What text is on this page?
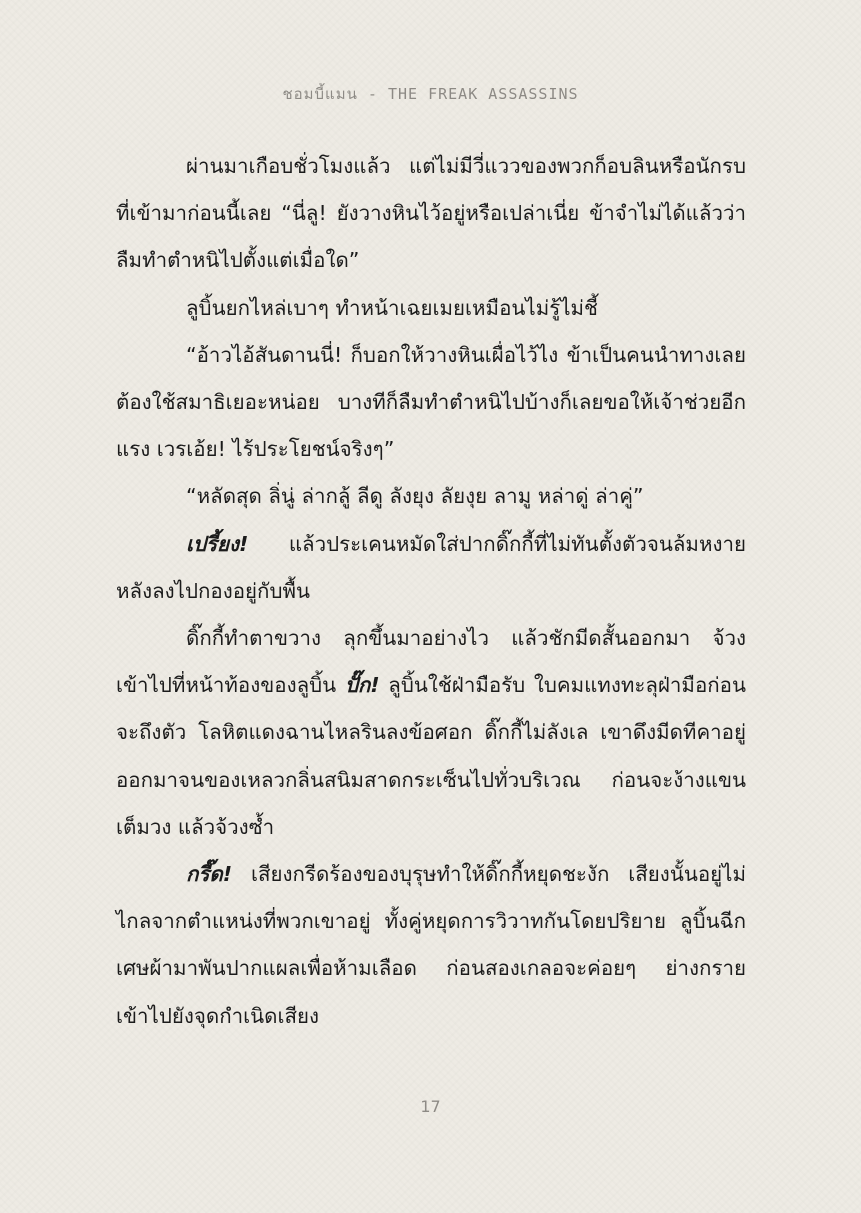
ชอมบี้แมน - THE FREAK ASSASSINS

ผ่านมาเกือบชั่วโมงแล้ว แต่ไม่มีวี่แววของพวกก็อบลินหรือนักรบที่เข้ามาก่อนนี้เลย “นี่ลู! ยังวางหินไว้อยู่หรือเปล่าเนี่ย ข้าจำไม่ได้แล้วว่าลืมทำตำหนิไปตั้งแต่เมื่อใด”

ลูบิ้นยกไหล่เบาๆ ทำหน้าเฉยเมยเหมือนไม่รู้ไม่ชี้

“อ้าวไอ้สันดานนี่! ก็บอกให้วางหินเผื่อไว้ไง ข้าเป็นคนนำทางเลยต้องใช้สมาธิเยอะหน่อย บางทีก็ลืมทำตำหนิไปบ้างก็เลยขอให้เจ้าช่วยอีกแรง เวรเอ้ย! ไร้ประโยชน์จริงๆ”

“หลัดสุด ลิ่นู่ ล่ากลู้ ลีดู ลังยุง ลัยงุย ลามู หล่าดู่ ล่าคู่”

เปรี้ยง! แล้วประเคนหมัดใส่ปากดิ๊กกี้ที่ไม่ทันตั้งตัวจนล้มหงายหลังลงไปกองอยู่กับพื้น

ดิ๊กกี้ทำตาขวาง ลุกขึ้นมาอย่างไว แล้วชักมีดสั้นออกมา จ้วงเข้าไปที่หน้าท้องของลูบิ้น ปั๊ก! ลูบิ้นใช้ฝ่ามือรับ ใบคมแทงทะลุฝ่ามือก่อนจะถึงตัว โลหิตแดงฉานไหลรินลงข้อศอก ดิ๊กกี้ไม่ลังเล เขาดึงมีดทีคาอยู่ออกมาจนของเหลวกลิ่นสนิมสาดกระเซ็นไปทั่วบริเวณ ก่อนจะง้างแขนเต็มวง แล้วจ้วงซ้ำ

กรี๊ด! เสียงกรีดร้องของบุรุษทำให้ดิ๊กกี้หยุดชะงัก เสียงนั้นอยู่ไม่ไกลจากตำแหน่งที่พวกเขาอยู่ ทั้งคู่หยุดการวิวาทกันโดยปริยาย ลูบิ้นฉีกเศษผ้ามาพันปากแผลเพื่อห้ามเลือด ก่อนสองเกลอจะค่อยๆ ย่างกรายเข้าไปยังจุดกำเนิดเสียง

17
